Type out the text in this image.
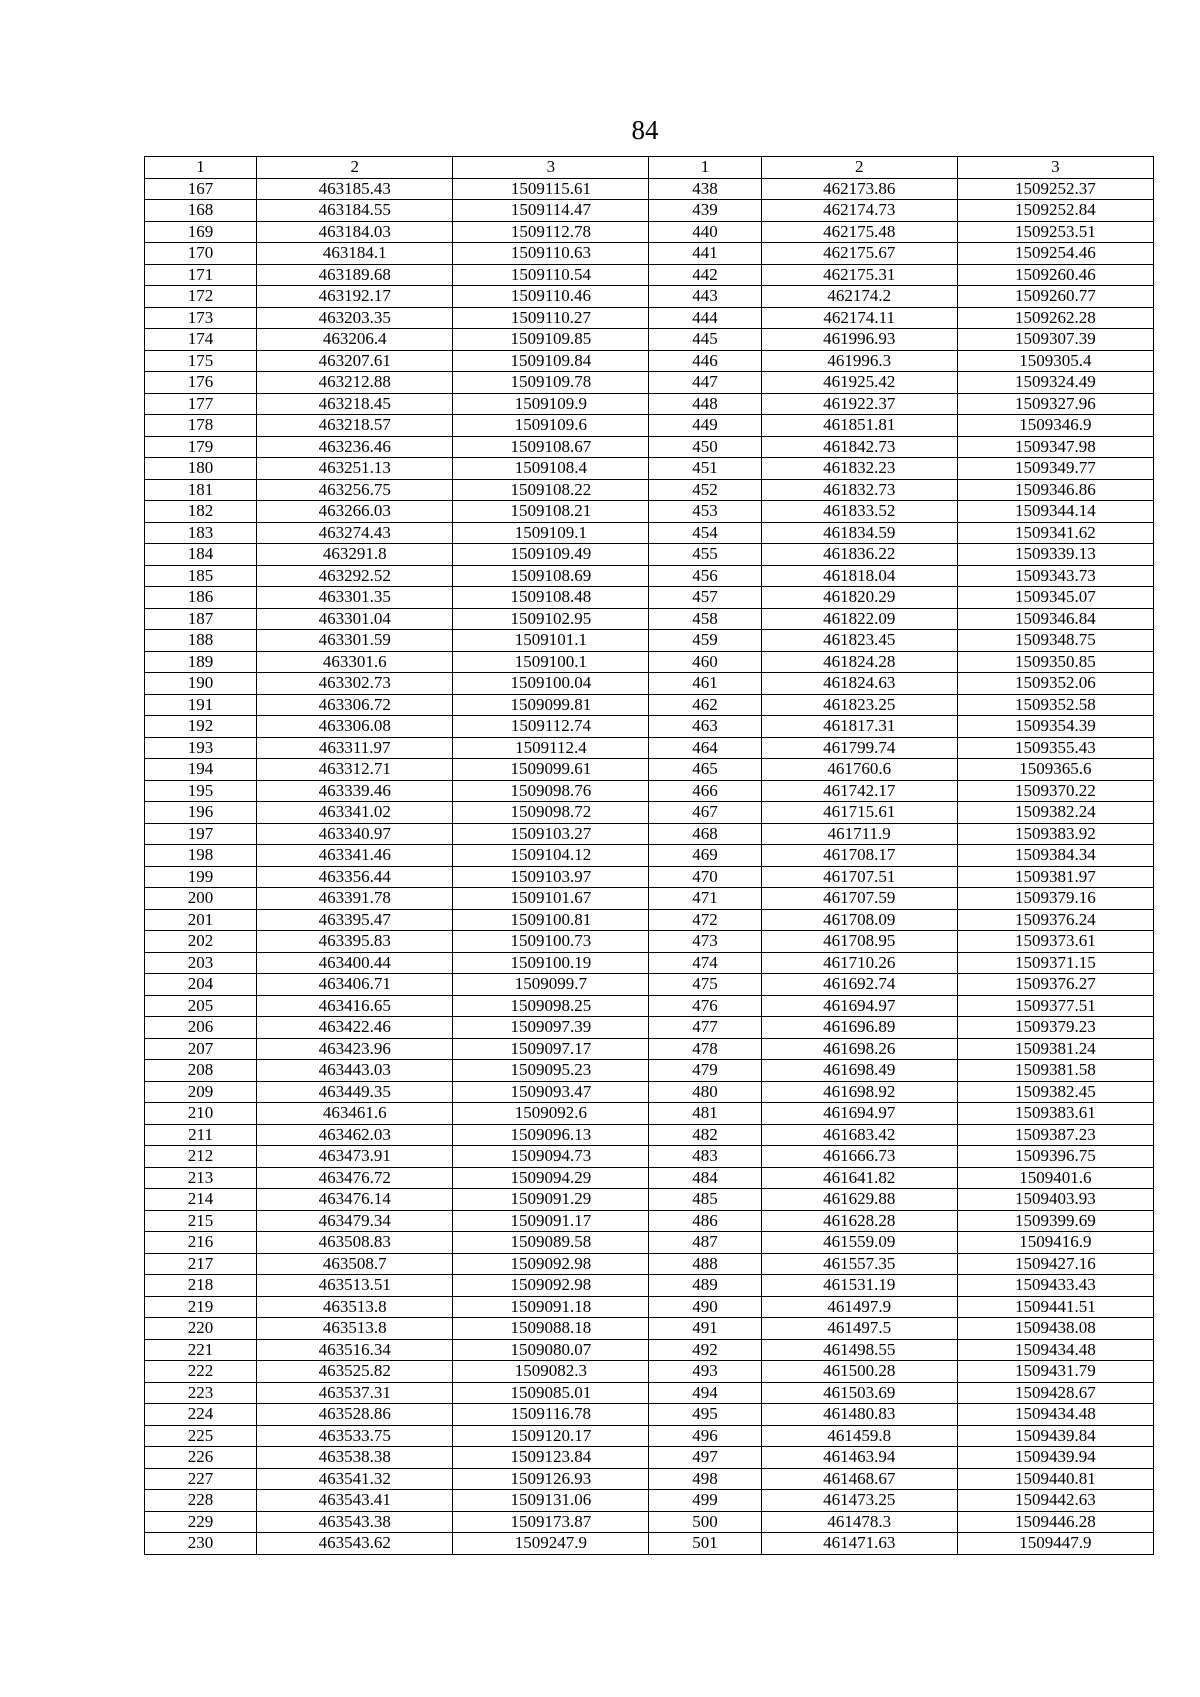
84
1	2	3	1	2	3
167	463185.43	1509115.61	438	462173.86	1509252.37
168	463184.55	1509114.47	439	462174.73	1509252.84
169	463184.03	1509112.78	440	462175.48	1509253.51
170	463184.1	1509110.63	441	462175.67	1509254.46
171	463189.68	1509110.54	442	462175.31	1509260.46
172	463192.17	1509110.46	443	462174.2	1509260.77
173	463203.35	1509110.27	444	462174.11	1509262.28
174	463206.4	1509109.85	445	461996.93	1509307.39
175	463207.61	1509109.84	446	461996.3	1509305.4
176	463212.88	1509109.78	447	461925.42	1509324.49
177	463218.45	1509109.9	448	461922.37	1509327.96
178	463218.57	1509109.6	449	461851.81	1509346.9
179	463236.46	1509108.67	450	461842.73	1509347.98
180	463251.13	1509108.4	451	461832.23	1509349.77
181	463256.75	1509108.22	452	461832.73	1509346.86
182	463266.03	1509108.21	453	461833.52	1509344.14
183	463274.43	1509109.1	454	461834.59	1509341.62
184	463291.8	1509109.49	455	461836.22	1509339.13
185	463292.52	1509108.69	456	461818.04	1509343.73
186	463301.35	1509108.48	457	461820.29	1509345.07
187	463301.04	1509102.95	458	461822.09	1509346.84
188	463301.59	1509101.1	459	461823.45	1509348.75
189	463301.6	1509100.1	460	461824.28	1509350.85
190	463302.73	1509100.04	461	461824.63	1509352.06
191	463306.72	1509099.81	462	461823.25	1509352.58
192	463306.08	1509112.74	463	461817.31	1509354.39
193	463311.97	1509112.4	464	461799.74	1509355.43
194	463312.71	1509099.61	465	461760.6	1509365.6
195	463339.46	1509098.76	466	461742.17	1509370.22
196	463341.02	1509098.72	467	461715.61	1509382.24
197	463340.97	1509103.27	468	461711.9	1509383.92
198	463341.46	1509104.12	469	461708.17	1509384.34
199	463356.44	1509103.97	470	461707.51	1509381.97
200	463391.78	1509101.67	471	461707.59	1509379.16
201	463395.47	1509100.81	472	461708.09	1509376.24
202	463395.83	1509100.73	473	461708.95	1509373.61
203	463400.44	1509100.19	474	461710.26	1509371.15
204	463406.71	1509099.7	475	461692.74	1509376.27
205	463416.65	1509098.25	476	461694.97	1509377.51
206	463422.46	1509097.39	477	461696.89	1509379.23
207	463423.96	1509097.17	478	461698.26	1509381.24
208	463443.03	1509095.23	479	461698.49	1509381.58
209	463449.35	1509093.47	480	461698.92	1509382.45
210	463461.6	1509092.6	481	461694.97	1509383.61
211	463462.03	1509096.13	482	461683.42	1509387.23
212	463473.91	1509094.73	483	461666.73	1509396.75
213	463476.72	1509094.29	484	461641.82	1509401.6
214	463476.14	1509091.29	485	461629.88	1509403.93
215	463479.34	1509091.17	486	461628.28	1509399.69
216	463508.83	1509089.58	487	461559.09	1509416.9
217	463508.7	1509092.98	488	461557.35	1509427.16
218	463513.51	1509092.98	489	461531.19	1509433.43
219	463513.8	1509091.18	490	461497.9	1509441.51
220	463513.8	1509088.18	491	461497.5	1509438.08
221	463516.34	1509080.07	492	461498.55	1509434.48
222	463525.82	1509082.3	493	461500.28	1509431.79
223	463537.31	1509085.01	494	461503.69	1509428.67
224	463528.86	1509116.78	495	461480.83	1509434.48
225	463533.75	1509120.17	496	461459.8	1509439.84
226	463538.38	1509123.84	497	461463.94	1509439.94
227	463541.32	1509126.93	498	461468.67	1509440.81
228	463543.41	1509131.06	499	461473.25	1509442.63
229	463543.38	1509173.87	500	461478.3	1509446.28
230	463543.62	1509247.9	501	461471.63	1509447.9
